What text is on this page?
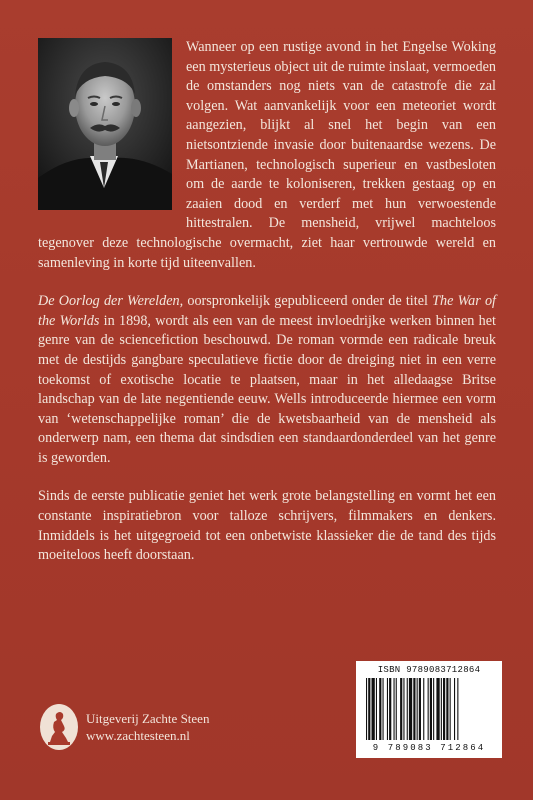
Wanneer op een rustige avond in het Engelse Woking een mysterieus object uit de ruimte inslaat, vermoeden de omstanders nog niets van de catastrofe die zal volgen. Wat aanvankelijk voor een meteoriet wordt aangezien, blijkt al snel het begin van een nietsontziende invasie door buitenaardse wezens. De Martianen, technologisch superieur en vastbesloten om de aarde te koloniseren, trekken gestaag op en zaaien dood en verderf met hun verwoestende hittestralen. De mensheid, vrijwel machteloos tegenover deze technologische overmacht, ziet haar vertrouwde wereld en samenleving in korte tijd uiteenvallen.

De Oorlog der Werelden, oorspronkelijk gepubliceerd onder de titel The War of the Worlds in 1898, wordt als een van de meest invloedrijke werken binnen het genre van de sciencefiction beschouwd. De roman vormde een radicale breuk met de destijds gangbare speculatieve fictie door de dreiging niet in een verre toekomst of exotische locatie te plaatsen, maar in het alledaagse Britse landschap van de late negentiende eeuw. Wells introduceerde hiermee een vorm van ‘wetenschappelijke roman’ die de kwetsbaarheid van de mensheid als onderwerp nam, een thema dat sindsdien een standaardonderdeel van het genre is geworden.

Sinds de eerste publicatie geniet het werk grote belangstelling en vormt het een constante inspiratiebron voor talloze schrijvers, filmmakers en denkers. Inmiddels is het uitgegroeid tot een onbetwiste klassieker die de tand des tijds moeiteloos heeft doorstaan.

Uitgeverij Zachte Steen
www.zachtesteen.nl
ISBN 9789083712864
9 789083 712864
